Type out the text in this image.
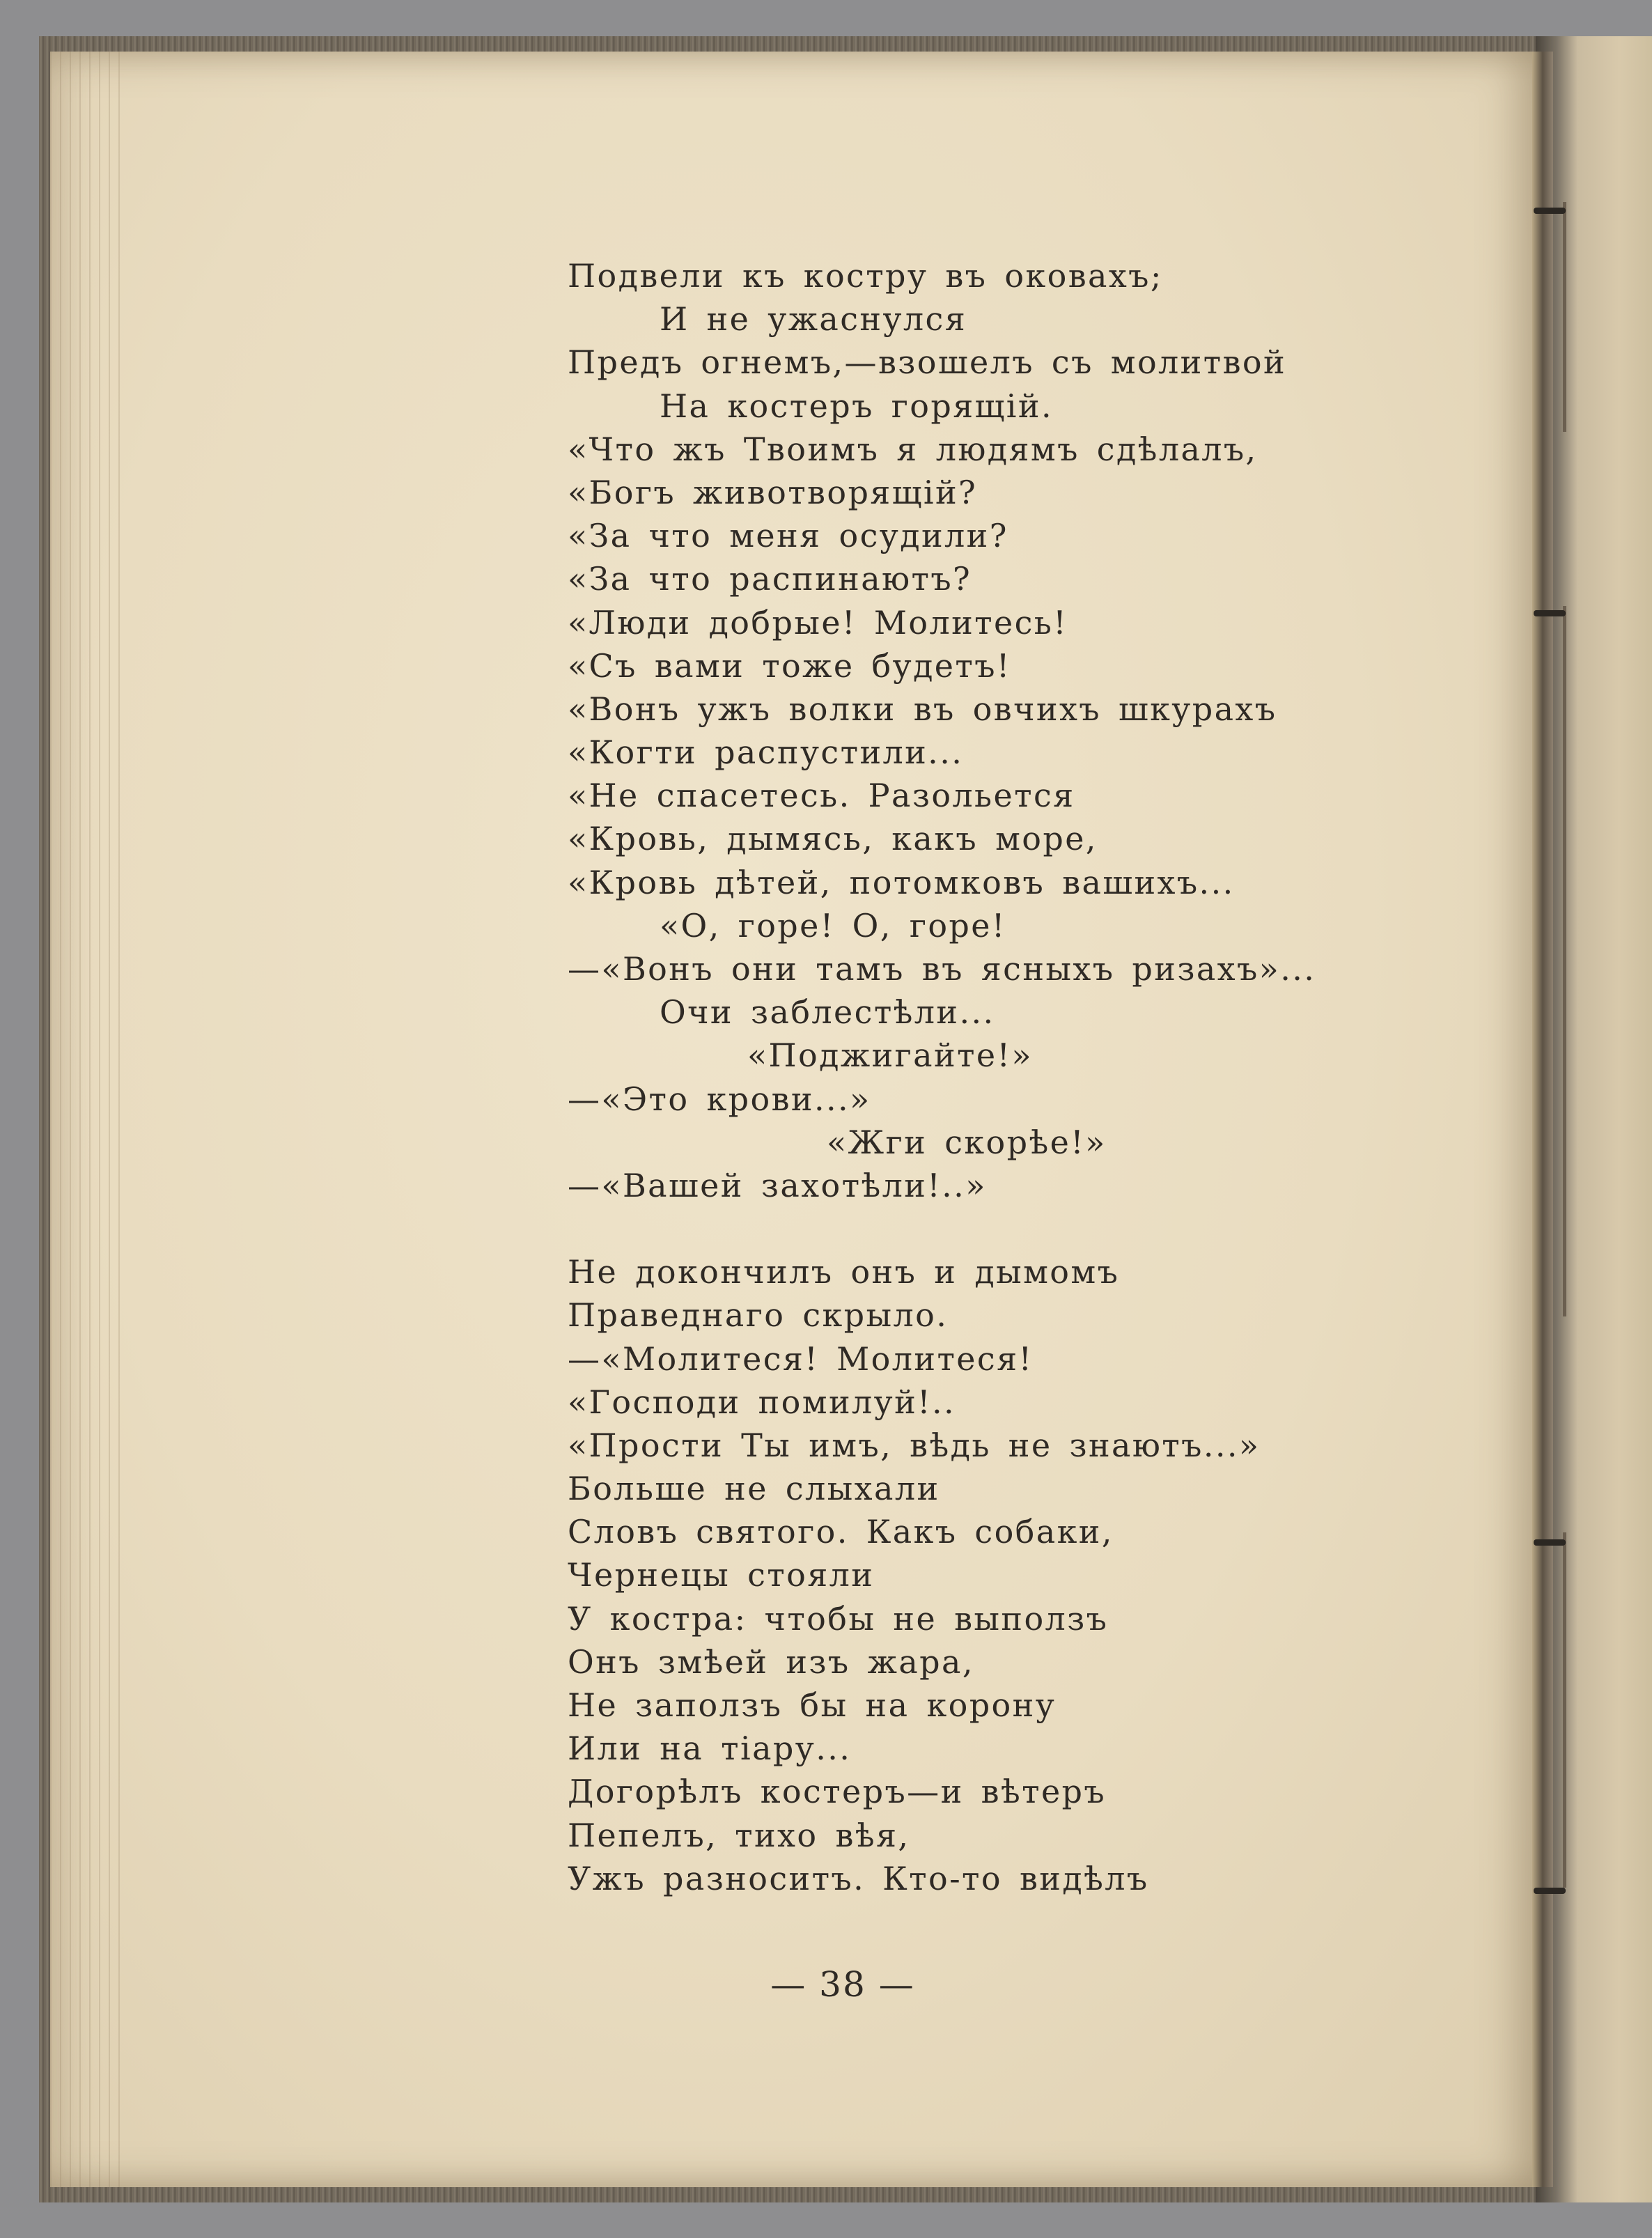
Подвели къ костру въ оковахъ;
И не ужаснулся
Предъ огнемъ,—взошелъ съ молитвой
На костеръ горящій.
«Что жъ Твоимъ я людямъ сдѣлалъ,
«Богъ животворящій?
«За что меня осудили?
«За что распинаютъ?
«Люди добрые! Молитесь!
«Съ вами тоже будетъ!
«Вонъ ужъ волки въ овчихъ шкурахъ
«Когти распустили...
«Не спасетесь. Разольется
«Кровь, дымясь, какъ море,
«Кровь дѣтей, потомковъ вашихъ...
«О, горе! О, горе!
—«Вонъ они тамъ въ ясныхъ ризахъ»...
Очи заблестѣли...
«Поджигайте!»
—«Это крови...»
«Жги скорѣе!»
—«Вашей захотѣли!..»
Не докончилъ онъ и дымомъ
Праведнаго скрыло.
—«Молитеся! Молитеся!
«Господи помилуй!..
«Прости Ты имъ, вѣдь не знаютъ...»
Больше не слыхали
Словъ святого. Какъ собаки,
Чернецы стояли
У костра: чтобы не выползъ
Онъ змѣей изъ жара,
Не заползъ бы на корону
Или на тіару...
Догорѣлъ костеръ—и вѣтеръ
Пепелъ, тихо вѣя,
Ужъ разноситъ. Кто-то видѣлъ
— 38 —
